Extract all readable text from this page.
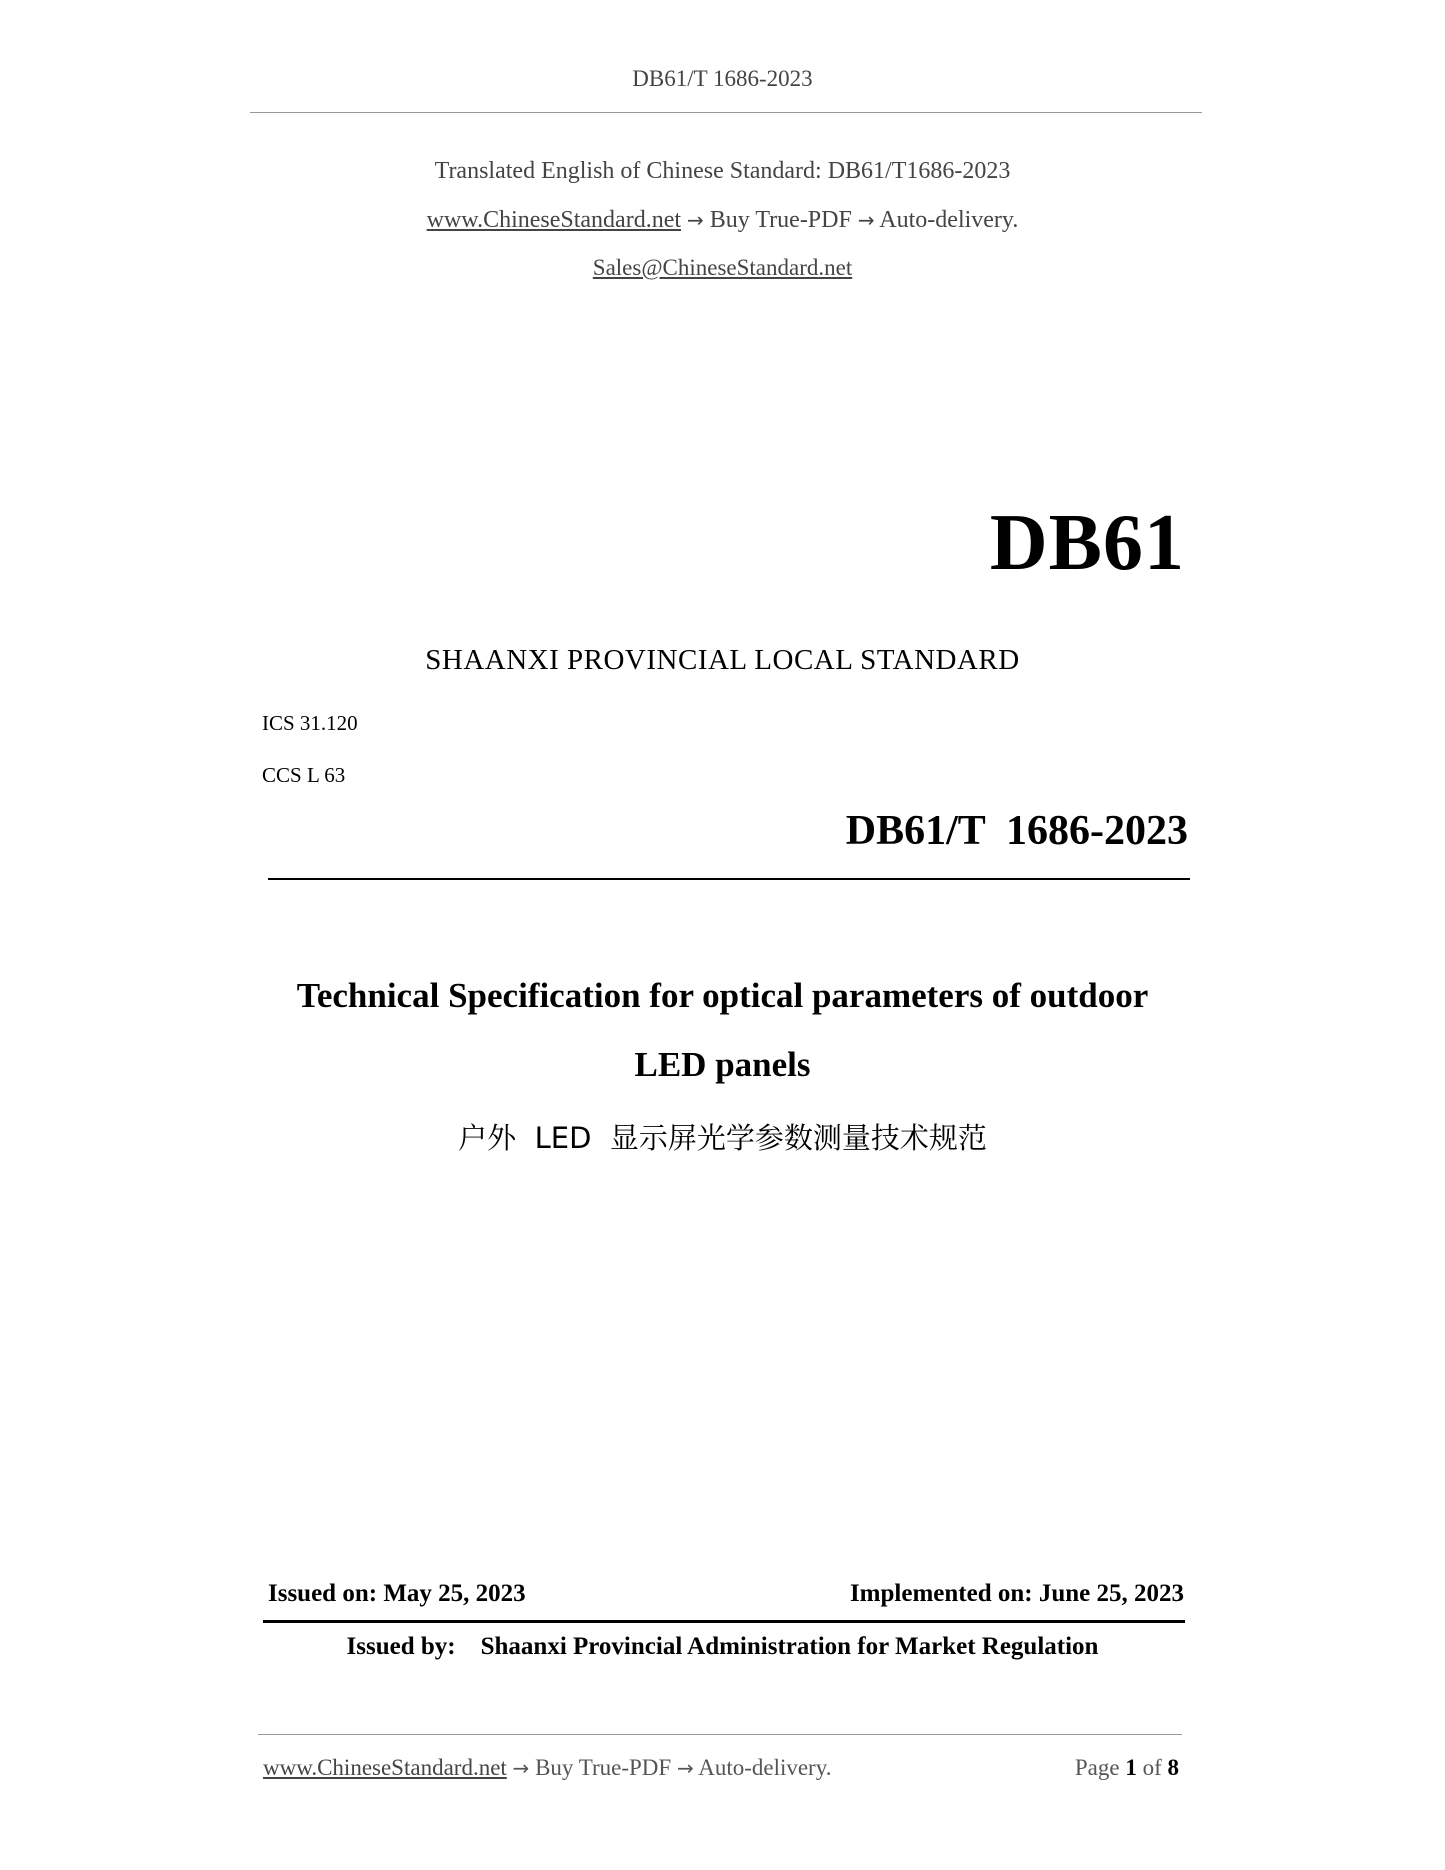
DB61/T 1686-2023
Translated English of Chinese Standard: DB61/T1686-2023
www.ChineseStandard.net → Buy True-PDF → Auto-delivery.
Sales@ChineseStandard.net
DB61
SHAANXI PROVINCIAL LOCAL STANDARD
ICS 31.120
CCS L 63
DB61/T  1686-2023
Technical Specification for optical parameters of outdoor
LED panels
户外  LED  显示屏光学参数测量技术规范
Issued on: May 25, 2023	Implemented on: June 25, 2023
Issued by: Shaanxi Provincial Administration for Market Regulation
www.ChineseStandard.net → Buy True-PDF → Auto-delivery.	Page 1 of 8
